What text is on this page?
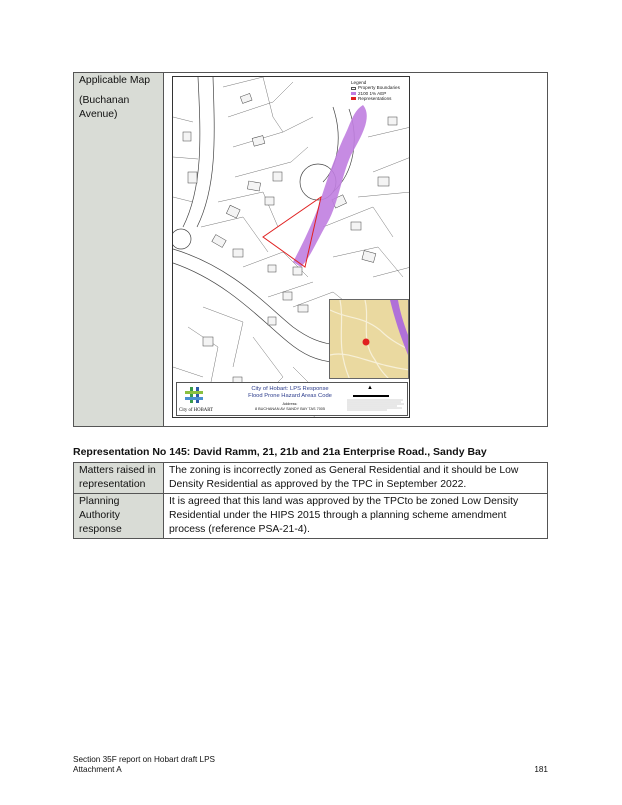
Applicable Map

(Buchanan Avenue)

Legend
Property Boundaries
2100 1% AEP
Representations
City of HOBART
City of Hobart: LPS Response
Flood Prone Hazard Areas Code
Address:
8 BUCHANAN AV SANDY BAY TAS 7005
▲
Representation No 145: David Ramm, 21, 21b and 21a Enterprise Road., Sandy Bay
Matters raised in representation
The zoning is incorrectly zoned as General Residential and it should be Low Density Residential as approved by the TPC in September 2022.
Planning Authority response
It is agreed that this land was approved by the TPCto be zoned Low Density Residential under the HIPS 2015 through a planning scheme amendment process (reference PSA-21-4).
Section 35F report on Hobart draft LPS
Attachment A	181
